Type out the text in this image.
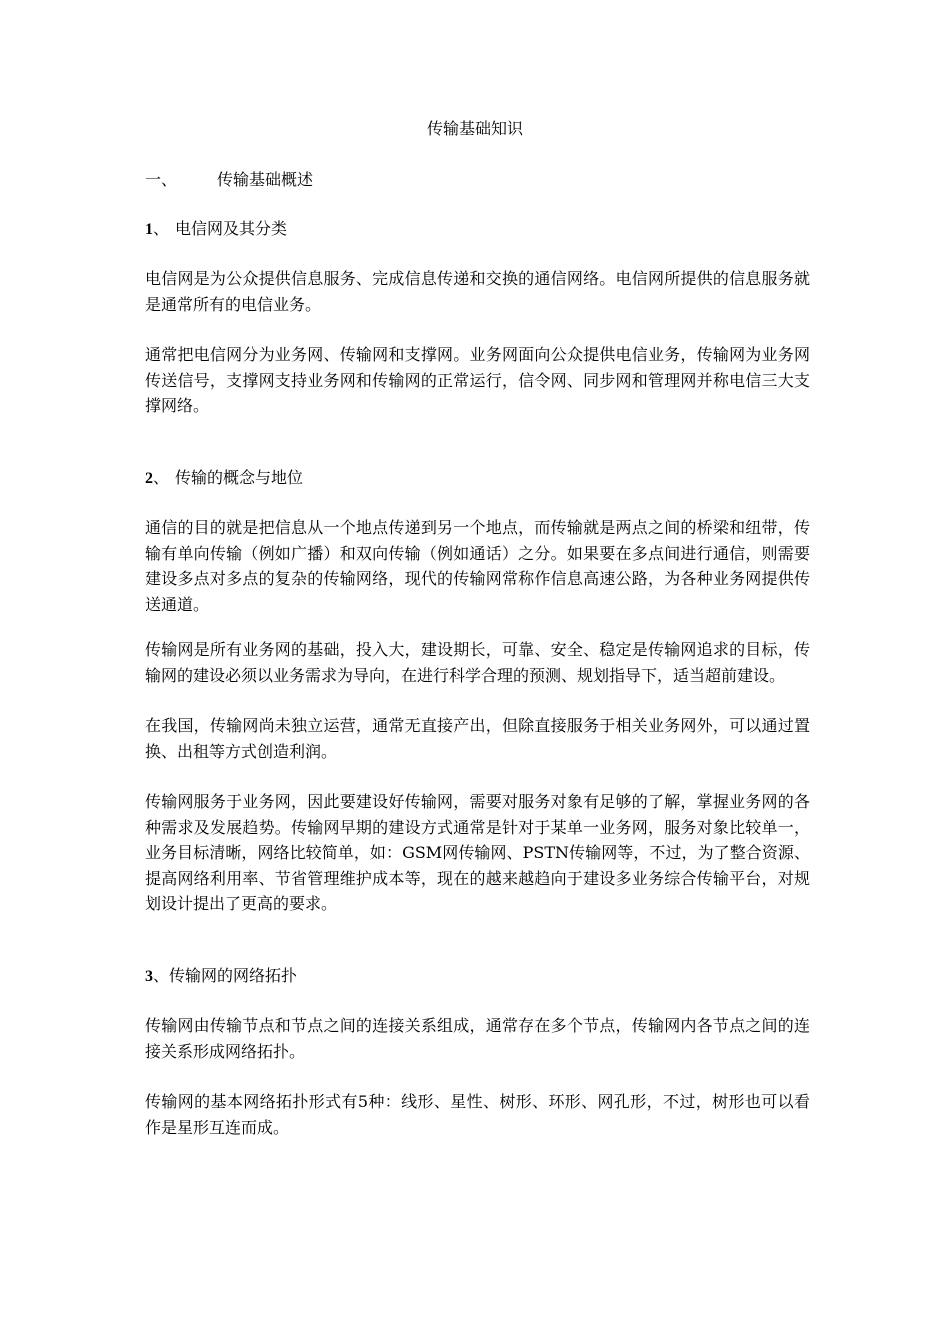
传输基础知识
一、	传输基础概述
1、 电信网及其分类

电信网是为公众提供信息服务、完成信息传递和交换的通信网络。电信网所提供的信息服务就是通常所有的电信业务。

通常把电信网分为业务网、传输网和支撑网。业务网面向公众提供电信业务，传输网为业务网传送信号，支撑网支持业务网和传输网的正常运行，信令网、同步网和管理网并称电信三大支撑网络。

2、 传输的概念与地位

通信的目的就是把信息从一个地点传递到另一个地点，而传输就是两点之间的桥梁和纽带，传输有单向传输（例如广播）和双向传输（例如通话）之分。如果要在多点间进行通信，则需要建设多点对多点的复杂的传输网络，现代的传输网常称作信息高速公路，为各种业务网提供传送通道。

传输网是所有业务网的基础，投入大，建设期长，可靠、安全、稳定是传输网追求的目标，传输网的建设必须以业务需求为导向，在进行科学合理的预测、规划指导下，适当超前建设。

在我国，传输网尚未独立运营，通常无直接产出，但除直接服务于相关业务网外，可以通过置换、出租等方式创造利润。

传输网服务于业务网，因此要建设好传输网，需要对服务对象有足够的了解，掌握业务网的各种需求及发展趋势。传输网早期的建设方式通常是针对于某单一业务网，服务对象比较单一，业务目标清晰，网络比较简单，如：GSM网传输网、PSTN传输网等，不过，为了整合资源、提高网络利用率、节省管理维护成本等，现在的越来越趋向于建设多业务综合传输平台，对规划设计提出了更高的要求。

3、传输网的网络拓扑

传输网由传输节点和节点之间的连接关系组成，通常存在多个节点，传输网内各节点之间的连接关系形成网络拓扑。

传输网的基本网络拓扑形式有5种：线形、星性、树形、环形、网孔形，不过，树形也可以看作是星形互连而成。
